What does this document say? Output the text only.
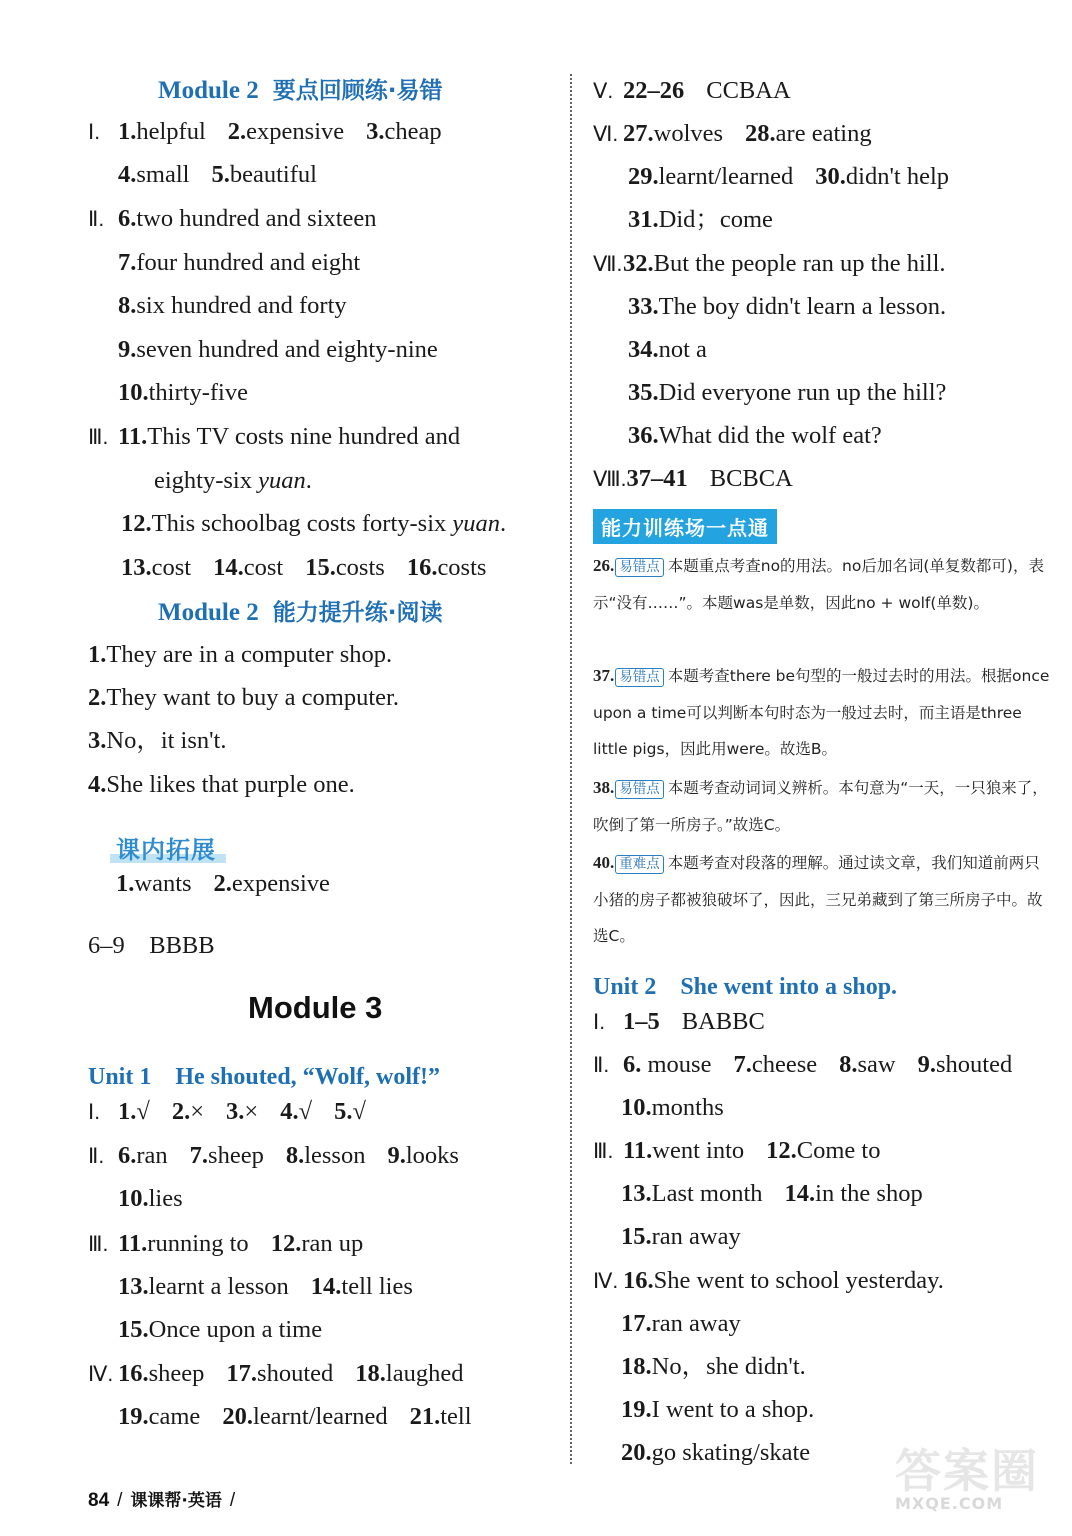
Module 2 要点回顾练·易错
Ⅰ. 1.helpful 2.expensive 3.cheap
4.small 5.beautiful
Ⅱ. 6.two hundred and sixteen
7.four hundred and eight
8.six hundred and forty
9.seven hundred and eighty-nine
10.thirty-five
Ⅲ. 11.This TV costs nine hundred and
eighty-six yuan.
12.This schoolbag costs forty-six yuan.
13.cost 14.cost 15.costs 16.costs
Module 2 能力提升练·阅读
1.They are in a computer shop.
2.They want to buy a computer.
3.No，it isn't.
4.She likes that purple one.
课内拓展
1.wants 2.expensive
6–9　BBBB
Module 3
Unit 1　He shouted, “Wolf, wolf!”
Ⅰ. 1.√ 2.× 3.× 4.√ 5.√
Ⅱ. 6.ran 7.sheep 8.lesson 9.looks
10.lies
Ⅲ. 11.running to 12.ran up
13.learnt a lesson 14.tell lies
15.Once upon a time
Ⅳ. 16.sheep 17.shouted 18.laughed
19.came 20.learnt/learned 21.tell
Ⅴ. 22–26 CCBAA
Ⅵ. 27.wolves 28.are eating
29.learnt/learned 30.didn't help
31.Did；come
Ⅶ.32.But the people ran up the hill.
33.The boy didn't learn a lesson.
34.not a
35.Did everyone run up the hill?
36.What did the wolf eat?
Ⅷ.37–41 BCBCA
能力训练场一点通
26. 易错点 本题重点考查no的用法。no后加名词(单复数都可)，表示“没有……”。本题was是单数，因此no + wolf(单数)。
37. 易错点 本题考查there be句型的一般过去时的用法。根据once upon a time可以判断本句时态为一般过去时，而主语是three little pigs，因此用were。故选B。
38. 易错点 本题考查动词词义辨析。本句意为“一天，一只狼来了，吹倒了第一所房子。”故选C。
40. 重难点 本题考查对段落的理解。通过读文章，我们知道前两只小猪的房子都被狼破坏了，因此，三兄弟藏到了第三所房子中。故选C。
Unit 2　She went into a shop.
Ⅰ. 1–5 BABBC
Ⅱ. 6. mouse 7.cheese 8.saw 9.shouted
10.months
Ⅲ. 11.went into 12.Come to
13.Last month 14.in the shop
15.ran away
Ⅳ. 16.She went to school yesterday.
17.ran away
18.No，she didn't.
19.I went to a shop.
20.go skating/skate
84 / 课课帮·英语 /
答案圈
MXQE.COM
